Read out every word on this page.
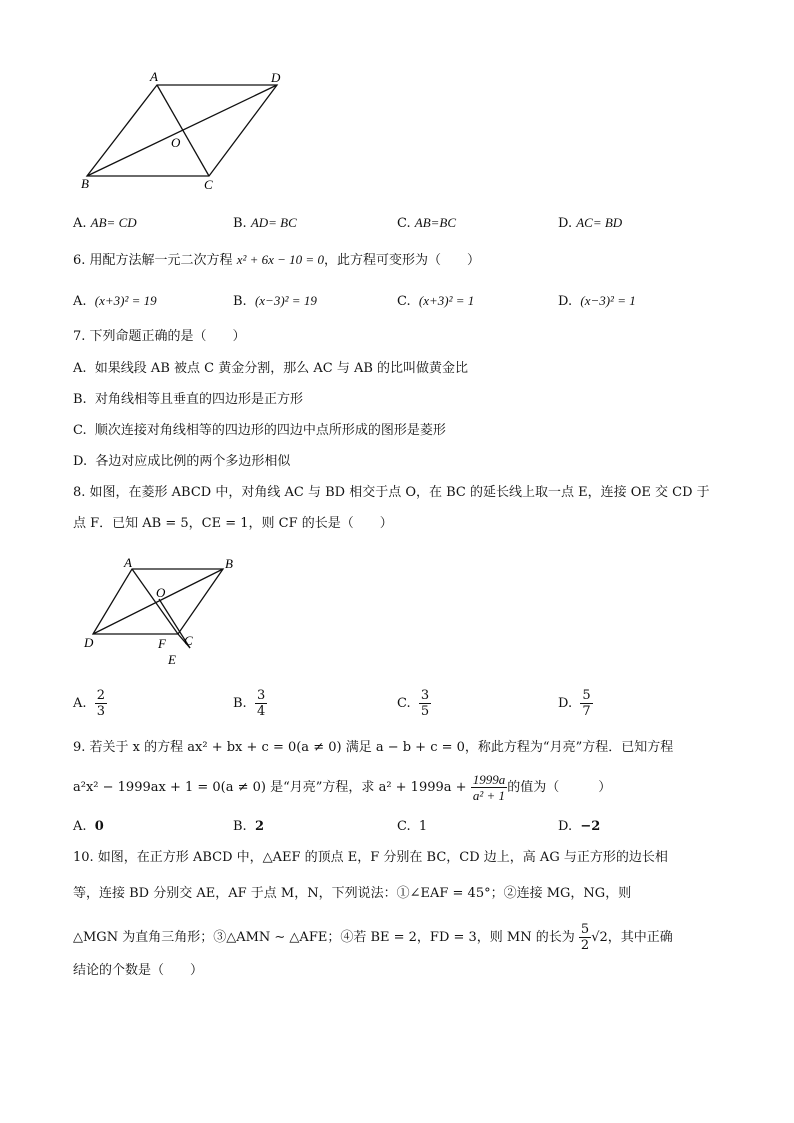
A	D
O
B	C
A. AB= CD	B. AD= BC	C. AB=BC	D. AC= BD
6. 用配方法解一元二次方程 x² + 6x − 10 = 0，此方程可变形为（　　）
A. (x+3)² = 19	B. (x−3)² = 19	C. (x+3)² = 1	D. (x−3)² = 1
7. 下列命题正确的是（　　）
A. 如果线段 AB 被点 C 黄金分割，那么 AC 与 AB 的比叫做黄金比
B. 对角线相等且垂直的四边形是正方形
C. 顺次连接对角线相等的四边形的四边中点所形成的图形是菱形
D. 各边对应成比例的两个多边形相似
8. 如图，在菱形 ABCD 中，对角线 AC 与 BD 相交于点 O，在 BC 的延长线上取一点 E，连接 OE 交 CD 于
点 F．已知 AB = 5，CE = 1，则 CF 的长是（　　）
A	B
O
D	F C
E
A. $\frac{2}{3}$	B. $\frac{3}{4}$	C. $\frac{3}{5}$	D. $\frac{5}{7}$
9. 若关于 x 的方程 ax² + bx + c = 0(a ≠ 0) 满足 a − b + c = 0，称此方程为“月亮”方程．已知方程
a²x² − 1999ax + 1 = 0(a ≠ 0) 是“月亮”方程，求 $a^2 + 1999a + \frac{1999a}{\text{a² + 1}}$ 的值为（　　　）
A. 0	B. 2	C. 1	D. −2
10. 如图，在正方形 ABCD 中，△AEF 的顶点 E，F 分别在 BC，CD 边上，高 AG 与正方形的边长相
等，连接 BD 分别交 AE，AF 于点 M，N，下列说法：①∠EAF = 45°；②连接 MG，NG，则
△MGN 为直角三角形；③△AMN ∼ △AFE；④若 BE = 2，FD = 3，则 MN 的长为 $\frac{5}{2} √2$，其中正确
结论的个数是（　　）
